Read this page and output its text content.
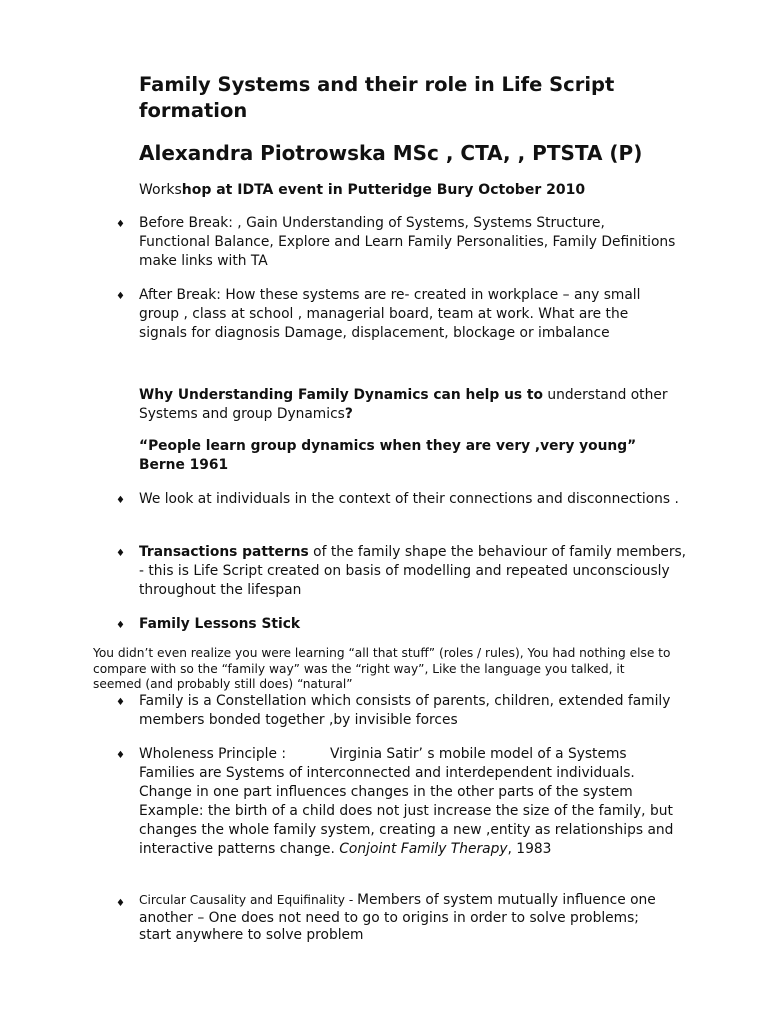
Family Systems and their role in Life Script formation
Alexandra Piotrowska MSc , CTA, , PTSTA (P)

Workshop at IDTA event in Putteridge Bury October 2010

♦ Before Break: , Gain Understanding of Systems, Systems Structure, Functional Balance, Explore and Learn Family Personalities, Family Definitions make links with TA

♦ After Break: How these systems are re- created in workplace – any small group , class at school , managerial board, team at work. What are the signals for diagnosis Damage, displacement, blockage or imbalance

Why Understanding Family Dynamics can help us to understand other Systems and group Dynamics?

“People learn group dynamics when they are very ,very young” Berne 1961

♦ We look at individuals in the context of their connections and disconnections .

♦ Transactions patterns of the family shape the behaviour of family members, - this is Life Script created on basis of modelling and repeated unconsciously throughout the lifespan

♦ Family Lessons Stick

You didn’t even realize you were learning “all that stuff” (roles / rules), You had nothing else to compare with so the “family way” was the “right way”, Like the language you talked, it seemed (and probably still does) “natural”

♦ Family is a Constellation which consists of parents, children, extended family members bonded together ,by invisible forces

♦ Wholeness Principle :	Virginia Satir’ s mobile model of a Systems Families are Systems of interconnected and interdependent individuals. Change in one part influences changes in the other parts of the system Example: the birth of a child does not just increase the size of the family, but changes the whole family system, creating a new ,entity as relationships and interactive patterns change. Conjoint Family Therapy, 1983

♦ Circular Causality and Equifinality - Members of system mutually influence one another – One does not need to go to origins in order to solve problems; start anywhere to solve problem
